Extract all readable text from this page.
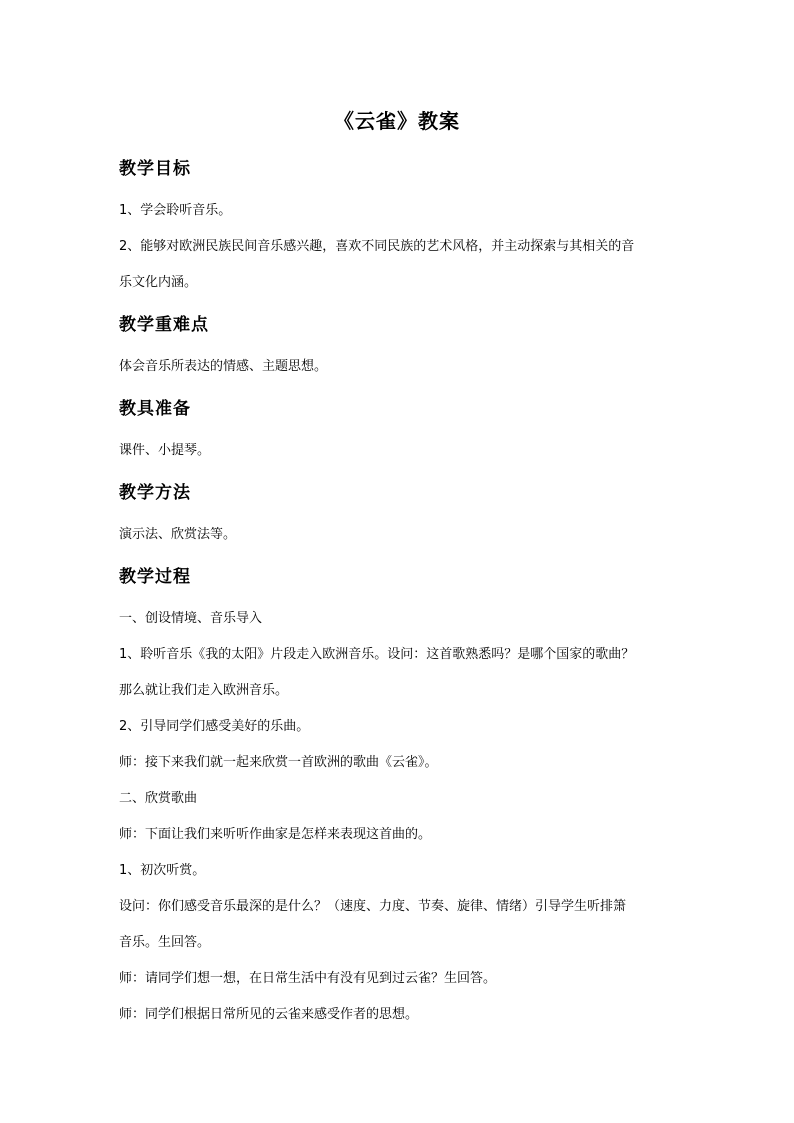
《云雀》教案
教学目标
1、学会聆听音乐。
2、能够对欧洲民族民间音乐感兴趣，喜欢不同民族的艺术风格，并主动探索与其相关的音
乐文化内涵。
教学重难点
体会音乐所表达的情感、主题思想。
教具准备
课件、小提琴。
教学方法
演示法、欣赏法等。
教学过程
一、创设情境、音乐导入
1、聆听音乐《我的太阳》片段走入欧洲音乐。设问：这首歌熟悉吗？是哪个国家的歌曲？
那么就让我们走入欧洲音乐。
2、引导同学们感受美好的乐曲。
师：接下来我们就一起来欣赏一首欧洲的歌曲《云雀》。
二、欣赏歌曲
师：下面让我们来听听作曲家是怎样来表现这首曲的。
1、初次听赏。
设问：你们感受音乐最深的是什么？（速度、力度、节奏、旋律、情绪）引导学生听排箫
音乐。生回答。
师：请同学们想一想，在日常生活中有没有见到过云雀？生回答。
师：同学们根据日常所见的云雀来感受作者的思想。
